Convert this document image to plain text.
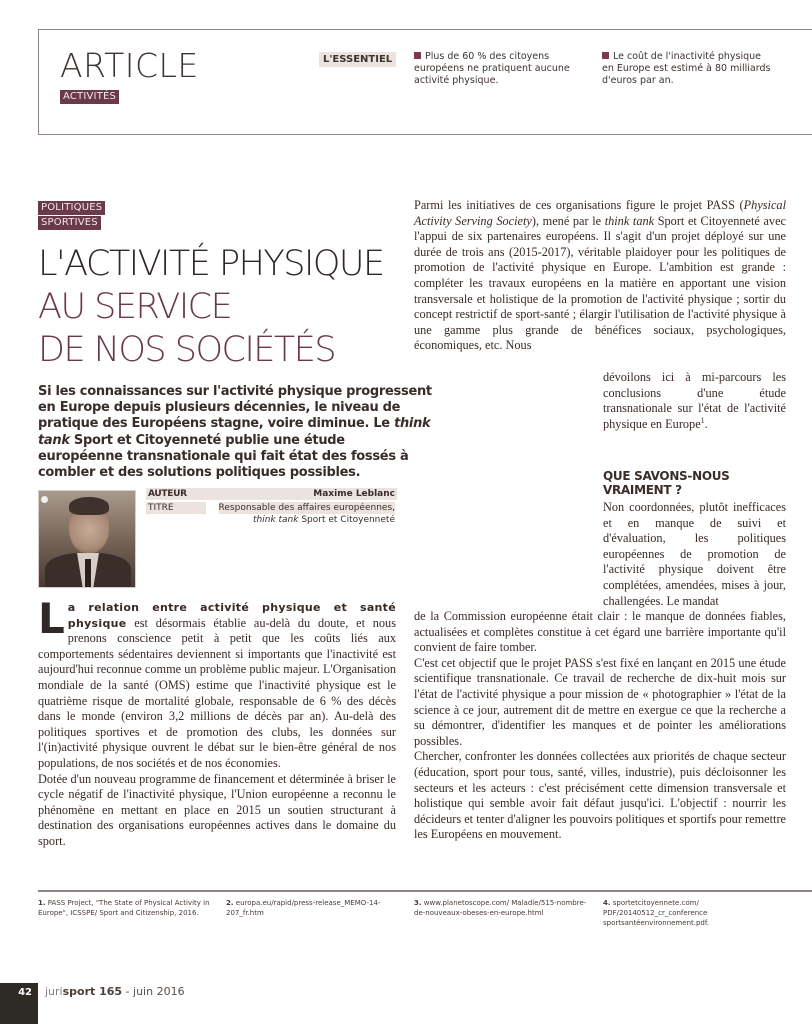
ARTICLE
ACTIVITÉS
L'ESSENTIEL	Plus de 60 % des citoyens européens ne pratiquent aucune activité physique.
Le coût de l'inactivité physique en Europe est estimé à 80 milliards d'euros par an.
POLITIQUES
SPORTIVES
L'ACTIVITÉ PHYSIQUE
AU SERVICE
DE NOS SOCIÉTÉS

Si les connaissances sur l'activité physique progressent en Europe depuis plusieurs décennies, le niveau de pratique des Européens stagne, voire diminue. Le think tank Sport et Citoyenneté publie une étude européenne transnationale qui fait état des fossés à combler et des solutions politiques possibles.

AUTEUR	Maxime Leblanc
TITRE	Responsable des affaires européennes,
think tank Sport et Citoyenneté

Parmi les initiatives de ces organisations figure le projet PASS (Physical Activity Serving Society), mené par le think tank Sport et Citoyenneté avec l'appui de six partenaires européens. Il s'agit d'un projet déployé sur une durée de trois ans (2015-2017), véritable plaidoyer pour les politiques de promotion de l'activité physique en Europe. L'ambition est grande : compléter les travaux européens en la matière en apportant une vision transversale et holistique de la promotion de l'activité physique ; sortir du concept restrictif de sport-santé ; élargir l'utilisation de l'activité physique à une gamme plus grande de bénéfices sociaux, psychologiques, économiques, etc. Nous

dévoilons ici à mi-parcours les conclusions d'une étude transnationale sur l'état de l'activité physique en Europe$^1$.

QUE SAVONS-NOUS VRAIMENT ?

Non coordonnées, plutôt inefficaces et en manque de suivi et d'évaluation, les politiques européennes de promotion de l'activité physique doivent être complétées, amendées, mises à jour, challengées. Le mandat

de la Commission européenne était clair : le manque de données fiables, actualisées et complètes constitue à cet égard une barrière importante qu'il convient de faire tomber.

C'est cet objectif que le projet PASS s'est fixé en lançant en 2015 une étude scientifique transnationale. Ce travail de recherche de dix-huit mois sur l'état de l'activité physique a pour mission de « photographier » l'état de la science à ce jour, autrement dit de mettre en exergue ce que la recherche a su démontrer, d'identifier les manques et de pointer les améliorations possibles.

Chercher, confronter les données collectées aux priorités de chaque secteur (éducation, sport pour tous, santé, villes, industrie), puis décloisonner les secteurs et les acteurs : c'est précisément cette dimension transversale et holistique qui semble avoir fait défaut jusqu'ici. L'objectif : nourrir les décideurs et tenter d'aligner les pouvoirs politiques et sportifs pour remettre les Européens en mouvement.

La relation entre activité physique et santé physique est désormais établie au-delà du doute, et nous prenons conscience petit à petit que les coûts liés aux comportements sédentaires deviennent si importants que l'inactivité est aujourd'hui reconnue comme un problème public majeur. L'Organisation mondiale de la santé (OMS) estime que l'inactivité physique est le quatrième risque de mortalité globale, responsable de 6 % des décès dans le monde (environ 3,2 millions de décès par an). Au-delà des politiques sportives et de promotion des clubs, les données sur l'(in)activité physique ouvrent le débat sur le bien-être général de nos populations, de nos sociétés et de nos économies.

Dotée d'un nouveau programme de financement et déterminée à briser le cycle négatif de l'inactivité physique, l'Union européenne a reconnu le phénomène en mettant en place en 2015 un soutien structurant à destination des organisations européennes actives dans le domaine du sport.

1. PASS Project, "The State of Physical Activity in Europe", ICSSPE/ Sport and Citizenship, 2016.
2. europa.eu/rapid/press-release_MEMO-14-207_fr.htm
3. www.planetoscope.com/ Maladie/515-nombre-de-nouveaux-obeses-en-europe.html
4. sportetcitoyennete.com/ PDF/20140512_cr_conference sportsantéenvironnement.pdf.
42	jurisport 165 - juin 2016
